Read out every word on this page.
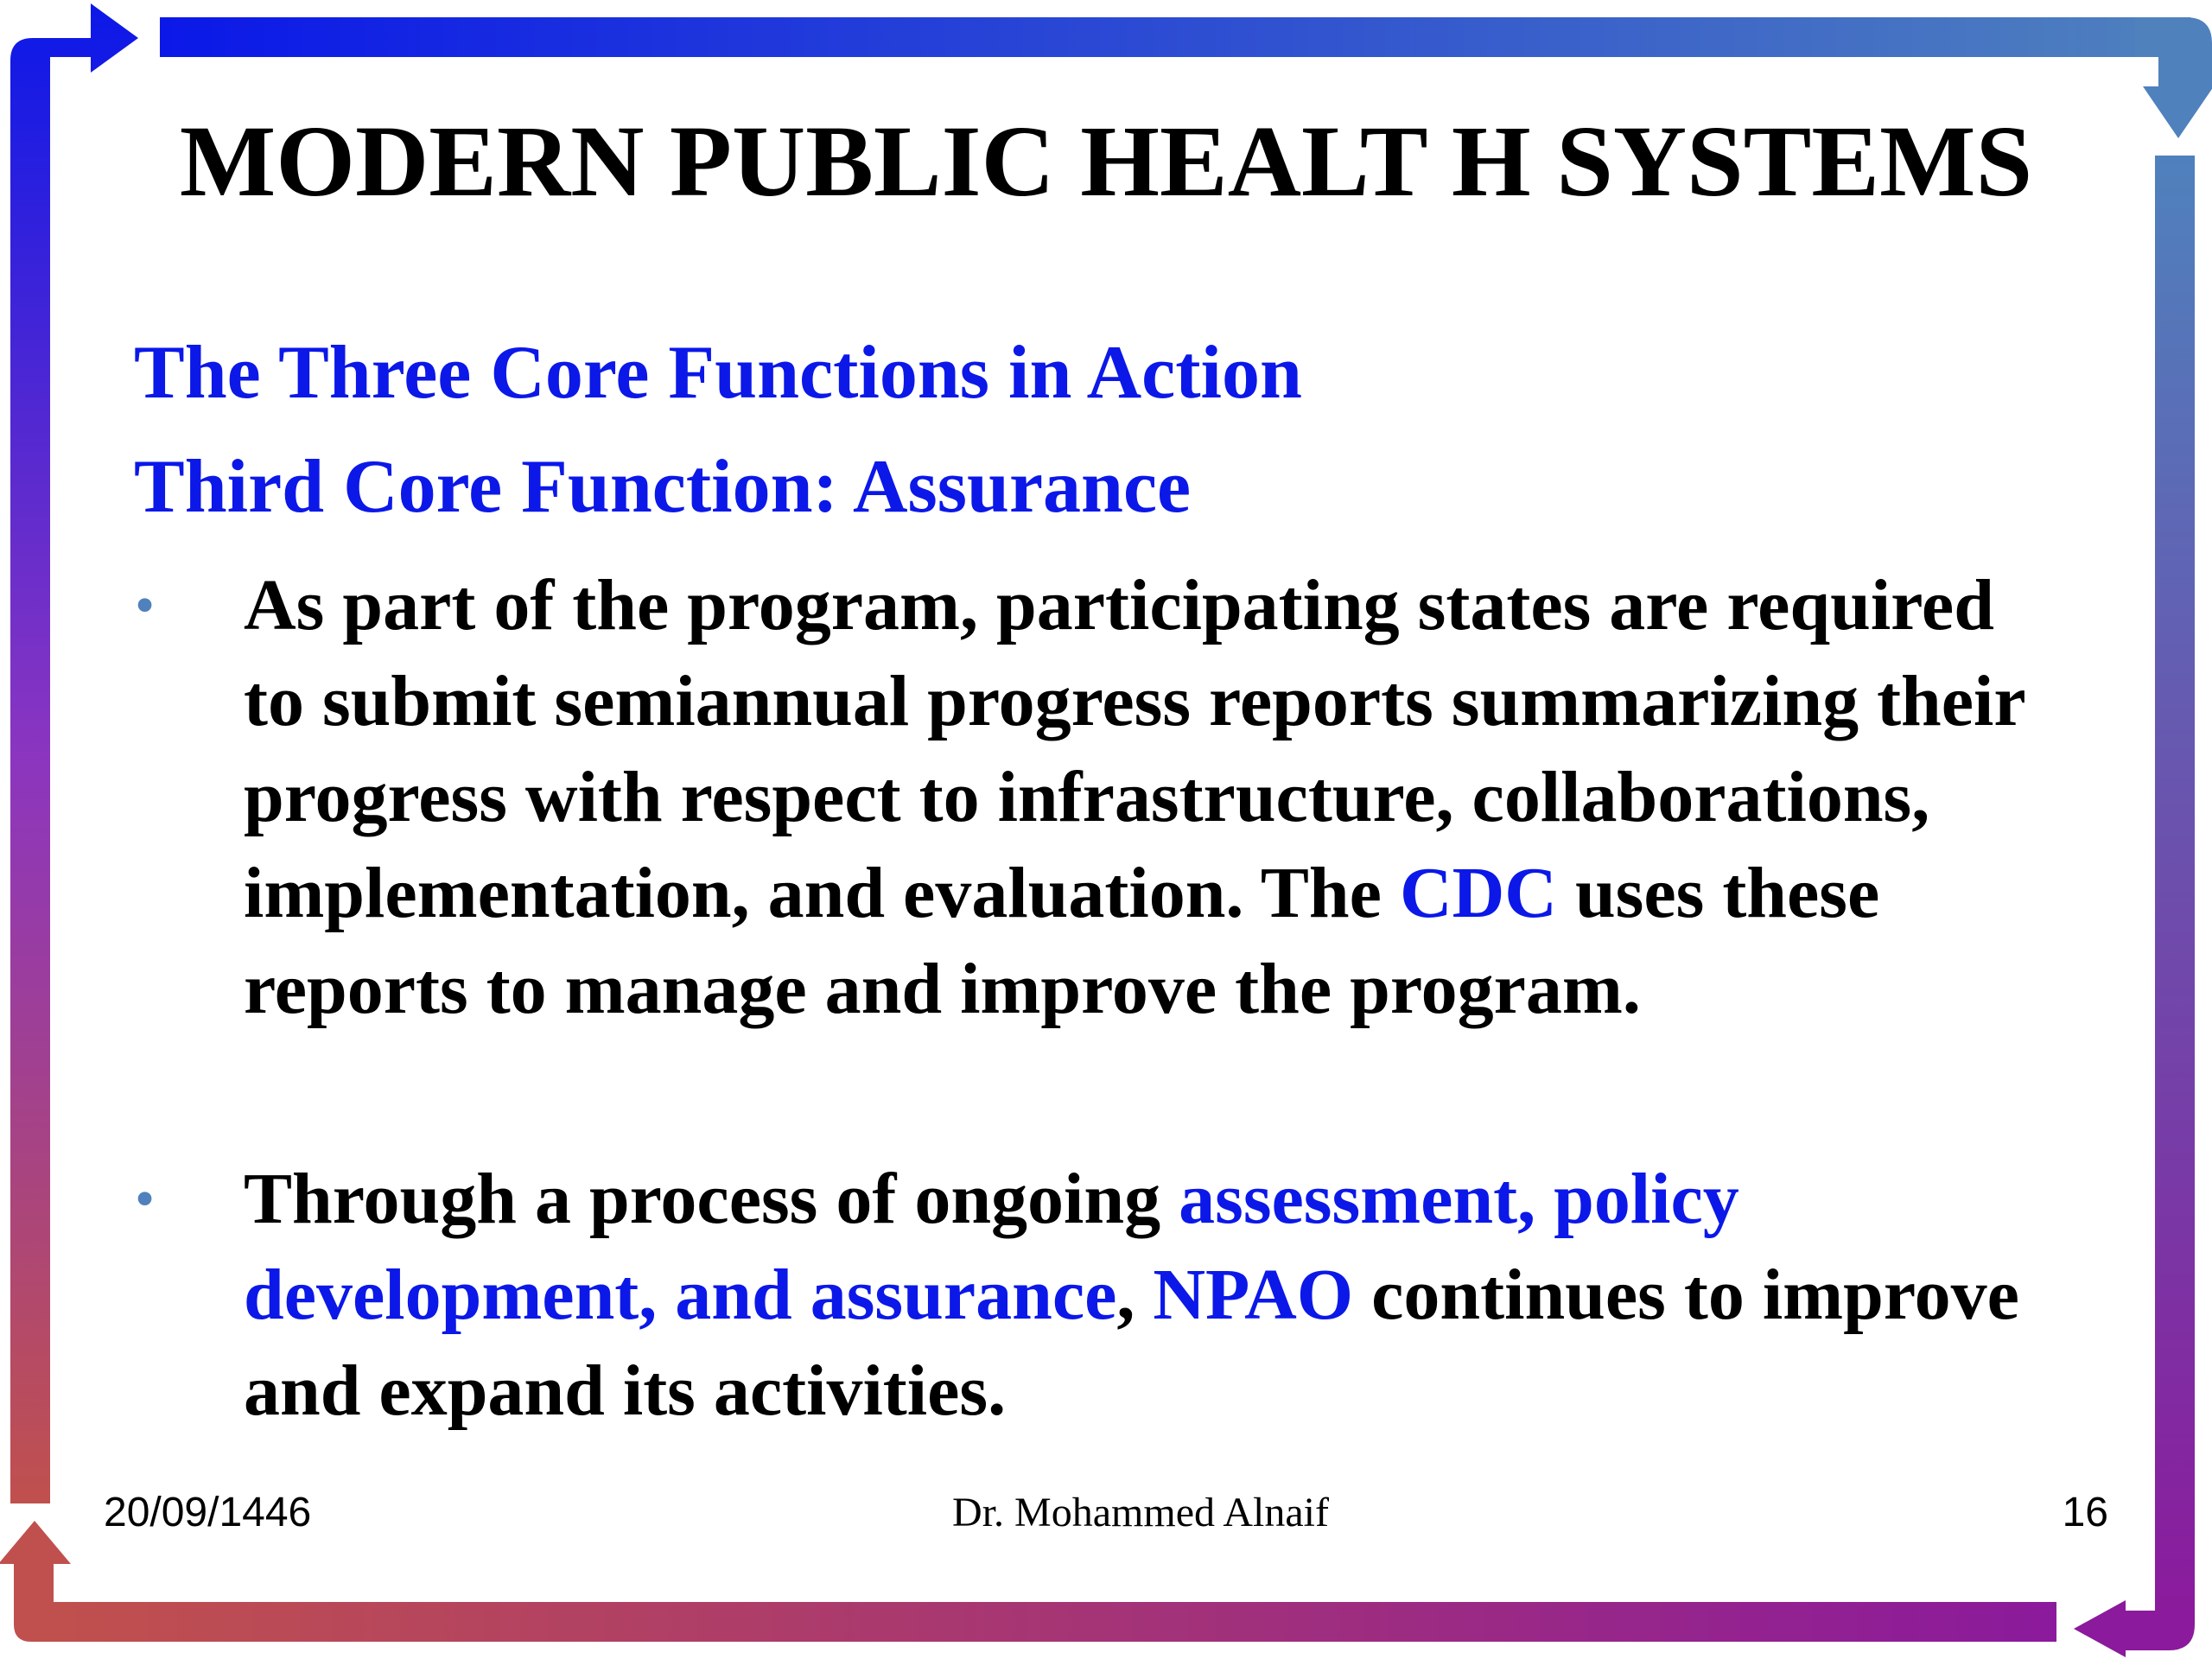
MODERN PUBLIC HEALT H SYSTEMS
The Three Core Functions in Action
Third Core Function: Assurance
• As part of the program, participating states are required to submit semiannual progress reports summarizing their progress with respect to infrastructure, collaborations, implementation, and evaluation. The CDC uses these reports to manage and improve the program.
• Through a process of ongoing assessment, policy development, and assurance, NPAO continues to improve and expand its activities.
20/09/1446	Dr. Mohammed Alnaif	16
